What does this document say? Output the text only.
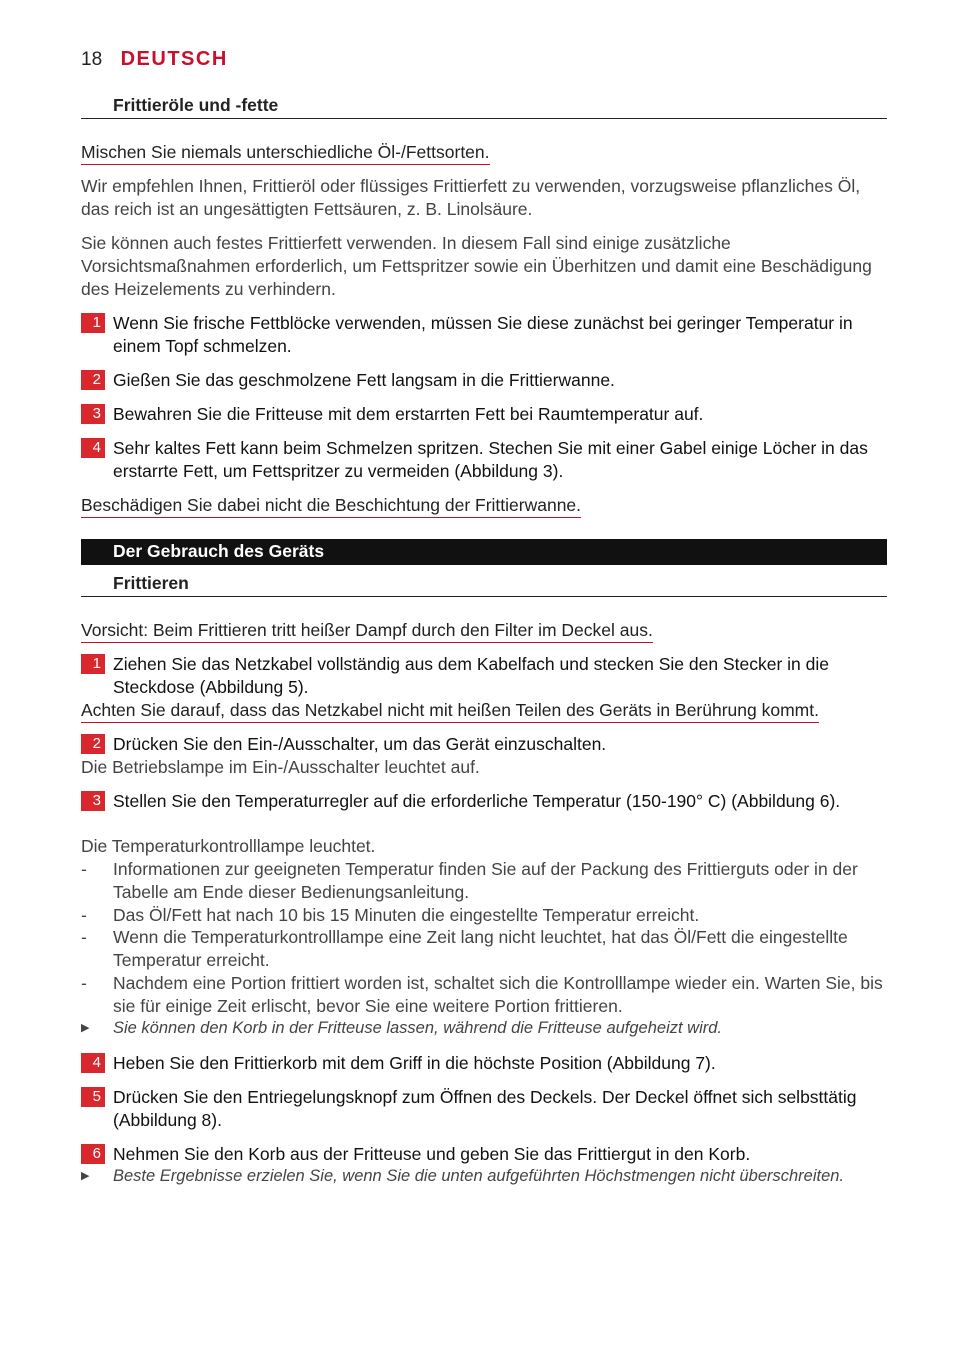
18 DEUTSCH
Frittieröle und -fette
Mischen Sie niemals unterschiedliche Öl-/Fettsorten.
Wir empfehlen Ihnen, Frittieröl oder flüssiges Frittierfett zu verwenden, vorzugsweise pflanzliches Öl, das reich ist an ungesättigten Fettsäuren, z. B. Linolsäure.
Sie können auch festes Frittierfett verwenden. In diesem Fall sind einige zusätzliche Vorsichtsmaßnahmen erforderlich, um Fettspritzer sowie ein Überhitzen und damit eine Beschädigung des Heizelements zu verhindern.
1 Wenn Sie frische Fettblöcke verwenden, müssen Sie diese zunächst bei geringer Temperatur in einem Topf schmelzen.
2 Gießen Sie das geschmolzene Fett langsam in die Frittierwanne.
3 Bewahren Sie die Fritteuse mit dem erstarrten Fett bei Raumtemperatur auf.
4 Sehr kaltes Fett kann beim Schmelzen spritzen. Stechen Sie mit einer Gabel einige Löcher in das erstarrte Fett, um Fettspritzer zu vermeiden (Abbildung 3).
Beschädigen Sie dabei nicht die Beschichtung der Frittierwanne.
Der Gebrauch des Geräts
Frittieren
Vorsicht: Beim Frittieren tritt heißer Dampf durch den Filter im Deckel aus.
1 Ziehen Sie das Netzkabel vollständig aus dem Kabelfach und stecken Sie den Stecker in die Steckdose (Abbildung 5).
Achten Sie darauf, dass das Netzkabel nicht mit heißen Teilen des Geräts in Berührung kommt.
2 Drücken Sie den Ein-/Ausschalter, um das Gerät einzuschalten.
Die Betriebslampe im Ein-/Ausschalter leuchtet auf.
3 Stellen Sie den Temperaturregler auf die erforderliche Temperatur (150-190° C) (Abbildung 6).
Die Temperaturkontrolllampe leuchtet.
- Informationen zur geeigneten Temperatur finden Sie auf der Packung des Frittierguts oder in der Tabelle am Ende dieser Bedienungsanleitung.
- Das Öl/Fett hat nach 10 bis 15 Minuten die eingestellte Temperatur erreicht.
- Wenn die Temperaturkontrolllampe eine Zeit lang nicht leuchtet, hat das Öl/Fett die eingestellte Temperatur erreicht.
- Nachdem eine Portion frittiert worden ist, schaltet sich die Kontrolllampe wieder ein. Warten Sie, bis sie für einige Zeit erlischt, bevor Sie eine weitere Portion frittieren.
▶ Sie können den Korb in der Fritteuse lassen, während die Fritteuse aufgeheizt wird.
4 Heben Sie den Frittierkorb mit dem Griff in die höchste Position (Abbildung 7).
5 Drücken Sie den Entriegelungsknopf zum Öffnen des Deckels. Der Deckel öffnet sich selbsttätig (Abbildung 8).
6 Nehmen Sie den Korb aus der Fritteuse und geben Sie das Frittiergut in den Korb.
▶ Beste Ergebnisse erzielen Sie, wenn Sie die unten aufgeführten Höchstmengen nicht überschreiten.
